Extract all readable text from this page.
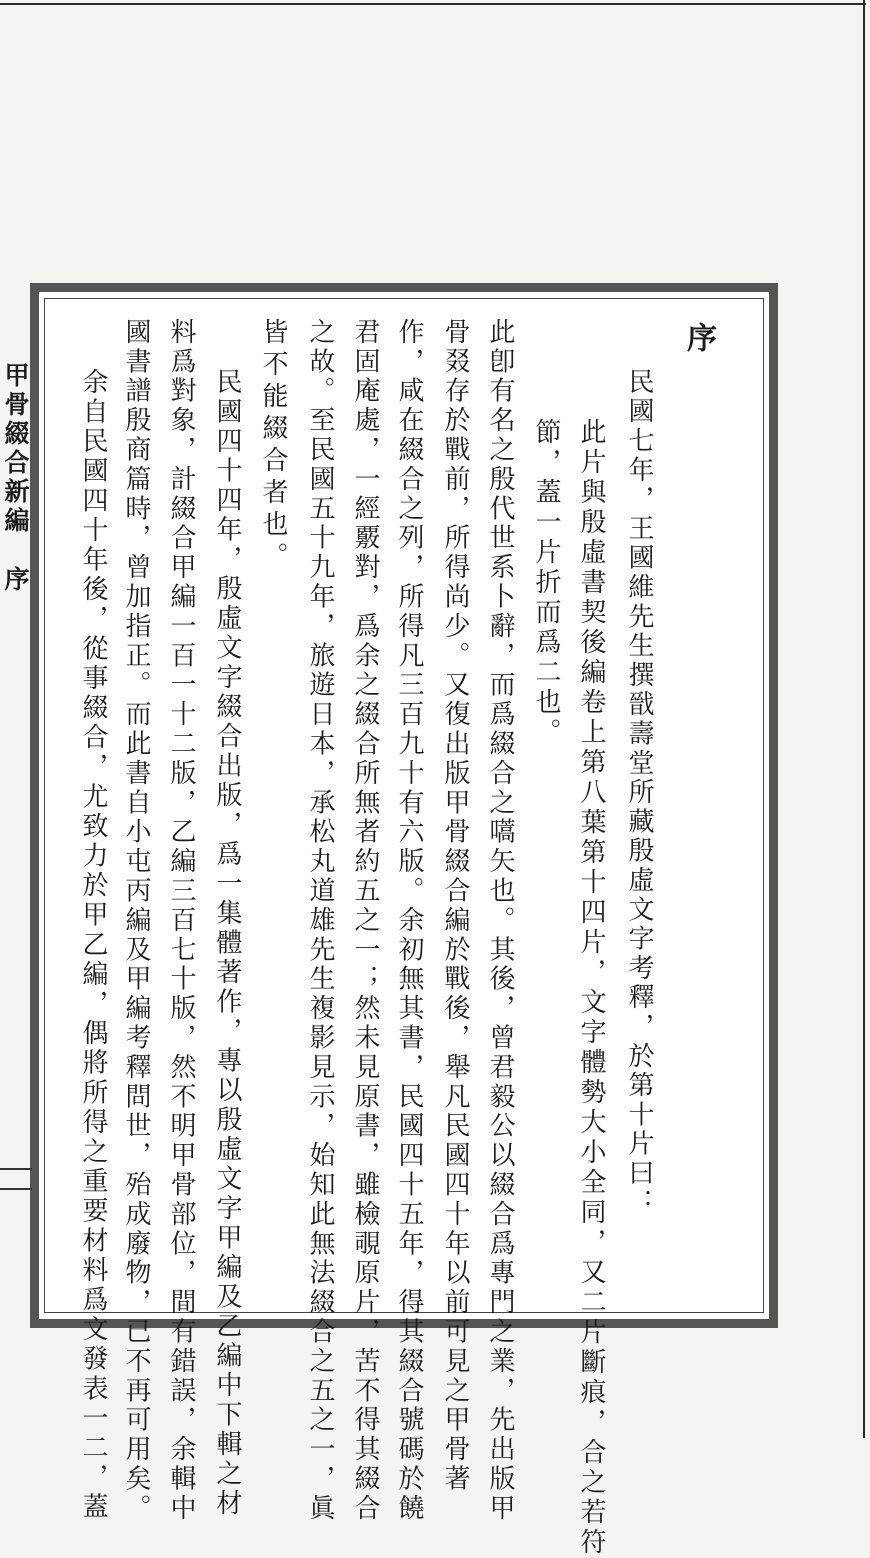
甲骨綴合新編
序
序
民國七年，王國維先生撰戩壽堂所藏殷虛文字考釋，於第十片曰：
此片與殷虛書契後編卷上第八葉第十四片，文字體勢大小全同，又二片斷痕，合之若符
節，蓋一片折而爲二也。
此卽有名之殷代世系卜辭，而爲綴合之嚆矢也。其後，曾君毅公以綴合爲專門之業，先出版甲
骨叕存於戰前，所得尚少。又復出版甲骨綴合編於戰後，舉凡民國四十年以前可見之甲骨著
作，咸在綴合之列，所得凡三百九十有六版。余初無其書，民國四十五年，得其綴合號碼於饒
君固庵處，一經覈對，爲余之綴合所無者約五之一；然未見原書，雖檢覗原片，苦不得其綴合
之故。至民國五十九年，旅遊日本，承松丸道雄先生複影見示，始知此無法綴合之五之一，眞
皆不能綴合者也。
民國四十四年，殷虛文字綴合出版，爲一集體著作，專以殷虛文字甲編及乙編中下輯之材
料爲對象，計綴合甲編一百一十二版，乙編三百七十版，然不明甲骨部位，間有錯誤，余輯中
國書譜殷商篇時，曾加指正。而此書自小屯丙編及甲編考釋問世，殆成廢物，已不再可用矣。
余自民國四十年後，從事綴合，尤致力於甲乙編，偶將所得之重要材料爲文發表一二，蓋
